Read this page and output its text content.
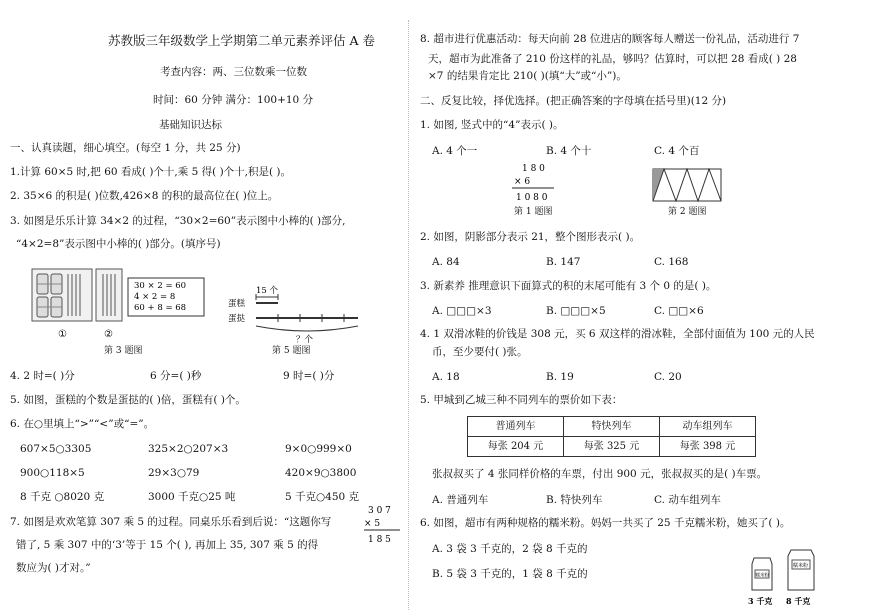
苏教版三年级数学上学期第二单元素养评估 A 卷
考查内容：两、三位数乘一位数
时间：60 分钟 满分：100+10 分
基础知识达标
一、认真读题，细心填空。(每空 1 分，共 25 分)
1.计算 60×5 时,把 60 看成( )个十,乘 5 得( )个十,积是( )。
2. 35×6 的积是( )位数,426×8 的积的最高位在( )位上。
3. 如图是乐乐计算 34×2 的过程，“30×2=60”表示图中小棒的( )部分,
“4×2=8”表示图中小棒的( )部分。(填序号)
30 × 2 = 60
4 × 2 = 8
60 + 8 = 68
①	②
第 3 题图
15 个
蛋糕
蛋挞
？个
第 5 题图
4. 2 时=( )分	6 分=( )秒	9 时=( )分
5. 如图，蛋糕的个数是蛋挞的( )倍，蛋糕有( )个。
6. 在○里填上“>”“<”或“=”。
607×5○3305	325×2○207×3	9×0○999×0
900○118×5	29×3○79	420×9○3800
8 千克 ○8020 克	3000 千克○25 吨	5 千克○450 克
7. 如图是欢欢笔算 307 乘 5 的过程。同桌乐乐看到后说：“这题你写
错了, 5 乘 307 中的‘3’等于 15 个( ), 再加上 35, 307 乘 5 的得
数应为( )才对。”
3 0 7
× 5
1 8 5
8. 超市进行优惠活动：每天向前 28 位进店的顾客每人赠送一份礼品，活动进行 7
天，超市为此准备了 210 份这样的礼品，够吗？估算时，可以把 28 看成( ) 28
×7 的结果肯定比 210( )(填“大”或“小”)。
二、反复比较，择优选择。(把正确答案的字母填在括号里)(12 分)
1. 如图, 竖式中的“4”表示( )。
A. 4 个一	B. 4 个十	C. 4 个百
1 8 0
× 6
1 0 8 0
第 1 题图	第 2 题图
2. 如图，阴影部分表示 21，整个图形表示( )。
A. 84	B. 147	C. 168
3. 新素养 推理意识下面算式的积的末尾可能有 3 个 0 的是( )。
A. □□□×3	B. □□□×5	C. □□×6
4. 1 双滑冰鞋的价钱是 308 元，买 6 双这样的滑冰鞋，全部付面值为 100 元的人民
币，至少要付( )张。
A. 18	B. 19	C. 20
5. 甲城到乙城三种不同列车的票价如下表：
普通列车	特快列车	动车组列车
每张 204 元	每张 325 元	每张 398 元
张叔叔买了 4 张同样价格的车票，付出 900 元，张叔叔买的是( )车票。
A. 普通列车	B. 特快列车	C. 动车组列车
6. 如图，超市有两种规格的糯米粉。妈妈一共买了 25 千克糯米粉，她买了( )。
A. 3 袋 3 千克的，2 袋 8 千克的
B. 5 袋 3 千克的，1 袋 8 千克的	糯米粉
3 千克
糯米粉
8 千克
